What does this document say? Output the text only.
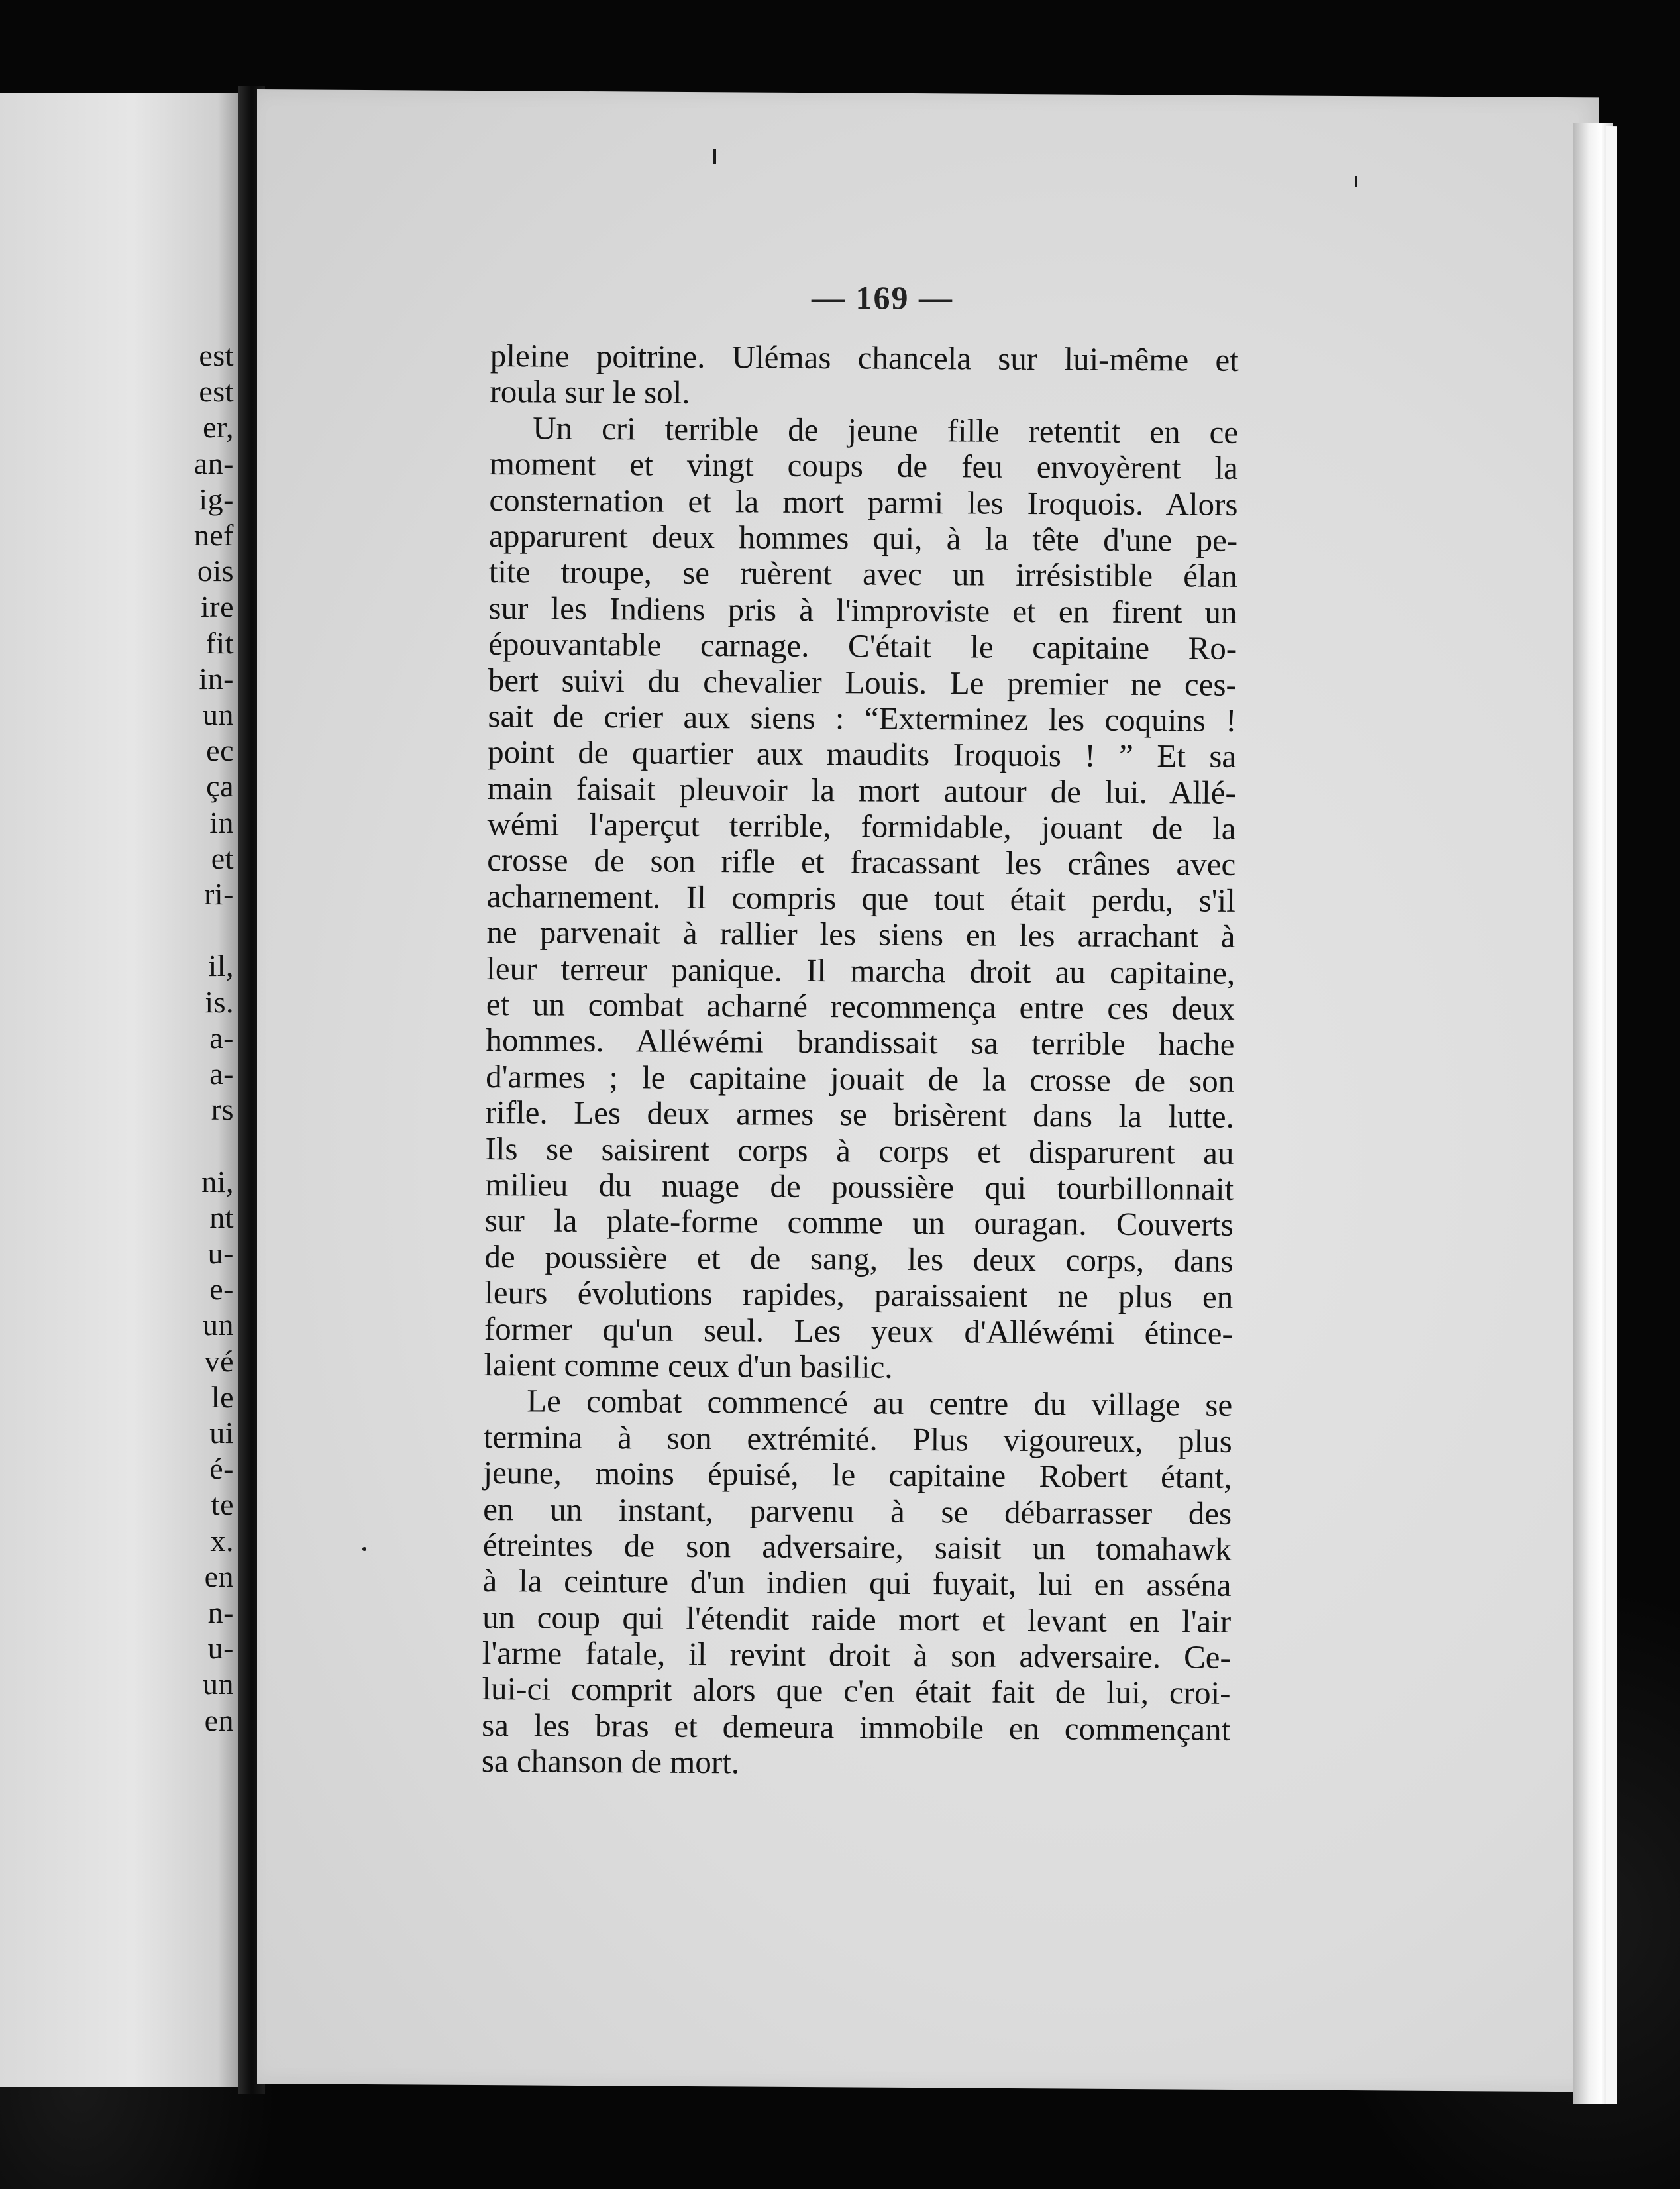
est
est
er,
an-
ig-
nef
ois
ire
fit
in-
un
ec
ça
in
et
ri-
il,
is.
a-
a-
rs
ni,
nt
u-
e-
un
vé
le
ui
é-
te
x.
en
n-
u-
un
en
— 169 —
pleine poitrine. Ulémas chancela sur lui-même et
roula sur le sol.
Un cri terrible de jeune fille retentit en ce
moment et vingt coups de feu envoyèrent la
consternation et la mort parmi les Iroquois. Alors
apparurent deux hommes qui, à la tête d'une pe-
tite troupe, se ruèrent avec un irrésistible élan
sur les Indiens pris à l'improviste et en firent un
épouvantable carnage. C'était le capitaine Ro-
bert suivi du chevalier Louis. Le premier ne ces-
sait de crier aux siens : “Exterminez les coquins !
point de quartier aux maudits Iroquois ! ” Et sa
main faisait pleuvoir la mort autour de lui. Allé-
wémi l'aperçut terrible, formidable, jouant de la
crosse de son rifle et fracassant les crânes avec
acharnement. Il compris que tout était perdu, s'il
ne parvenait à rallier les siens en les arrachant à
leur terreur panique. Il marcha droit au capitaine,
et un combat acharné recommença entre ces deux
hommes. Alléwémi brandissait sa terrible hache
d'armes ; le capitaine jouait de la crosse de son
rifle. Les deux armes se brisèrent dans la lutte.
Ils se saisirent corps à corps et disparurent au
milieu du nuage de poussière qui tourbillonnait
sur la plate-forme comme un ouragan. Couverts
de poussière et de sang, les deux corps, dans
leurs évolutions rapides, paraissaient ne plus en
former qu'un seul. Les yeux d'Alléwémi étince-
laient comme ceux d'un basilic.
Le combat commencé au centre du village se
termina à son extrémité. Plus vigoureux, plus
jeune, moins épuisé, le capitaine Robert étant,
en un instant, parvenu à se débarrasser des
étreintes de son adversaire, saisit un tomahawk
à la ceinture d'un indien qui fuyait, lui en asséna
un coup qui l'étendit raide mort et levant en l'air
l'arme fatale, il revint droit à son adversaire. Ce-
lui-ci comprit alors que c'en était fait de lui, croi-
sa les bras et demeura immobile en commençant
sa chanson de mort.
